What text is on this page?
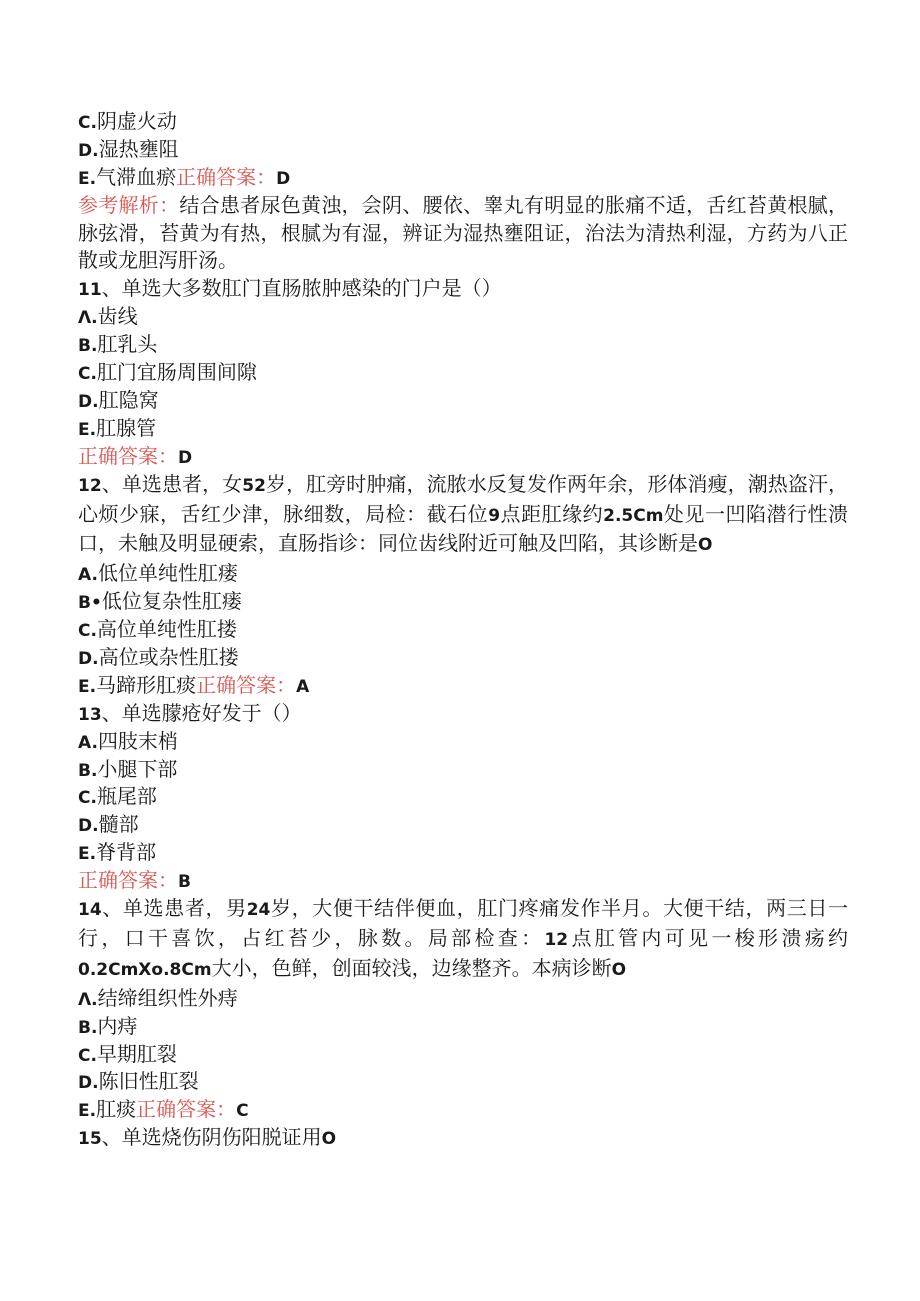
C.阴虚火动
D.湿热壅阻
E.气滞血瘀正确答案：D
参考解析：结合患者尿色黄浊，会阴、腰依、睾丸有明显的胀痛不适，舌红苔黄根腻，脉弦滑，苔黄为有热，根腻为有湿，辨证为湿热壅阻证，治法为清热利湿，方药为八正散或龙胆泻肝汤。
11、单选大多数肛门直肠脓肿感染的门户是（）
Λ.齿线
B.肛乳头
C.肛门宜肠周围间隙
D.肛隐窝
E.肛腺管
正确答案：D
12、单选患者，女52岁，肛旁时肿痛，流脓水反复发作两年余，形体消瘦，潮热盗汗，心烦少寐，舌红少津，脉细数，局检：截石位9点距肛缘约2.5Cm处见一凹陷潜行性溃口，未触及明显硬索，直肠指诊：同位齿线附近可触及凹陷，其诊断是O
A.低位单纯性肛瘘
B•低位复杂性肛瘘
C.高位单纯性肛搂
D.高位或杂性肛搂
E.马蹄形肛痰正确答案：A
13、单选朦疮好发于（）
A.四肢末梢
B.小腿下部
C.瓶尾部
D.髓部
E.脊背部
正确答案：B
14、单选患者，男24岁，大便干结伴便血，肛门疼痛发作半月。大便干结，两三日一行，口干喜饮，占红苔少，脉数。局部检查：12点肛管内可见一梭形溃疡约0.2CmXo.8Cm大小，色鲜，创面较浅，边缘整齐。本病诊断O
Λ.结缔组织性外痔
B.内痔
C.早期肛裂
D.陈旧性肛裂
E.肛痰正确答案：C
15、单选烧伤阴伤阳脱证用O
